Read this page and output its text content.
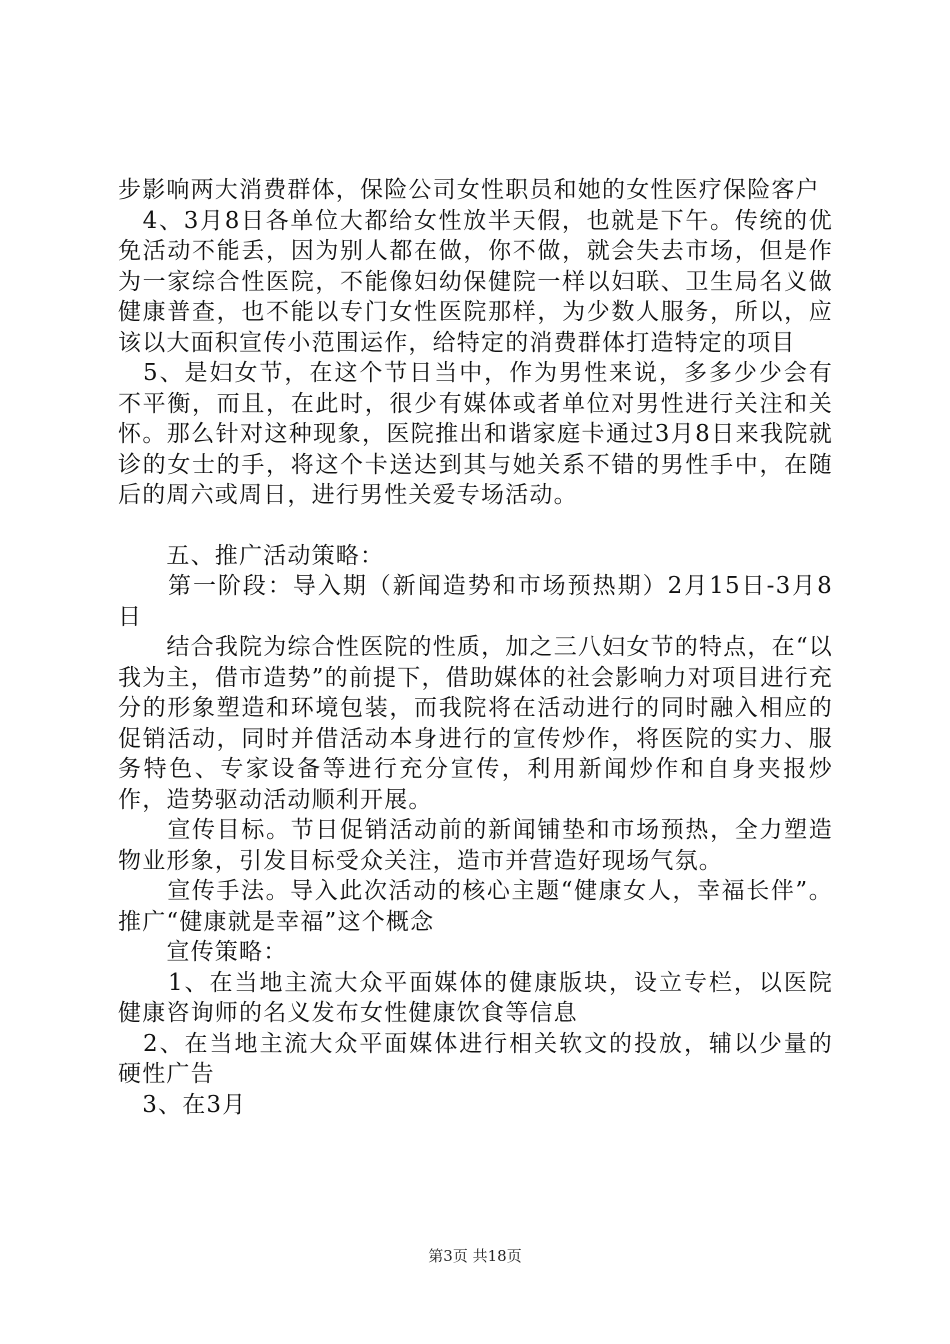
步影响两大消费群体，保险公司女性职员和她的女性医疗保险客户

　4、3月8日各单位大都给女性放半天假，也就是下午。传统的优免活动不能丢，因为别人都在做，你不做，就会失去市场，但是作为一家综合性医院，不能像妇幼保健院一样以妇联、卫生局名义做健康普查，也不能以专门女性医院那样，为少数人服务，所以，应该以大面积宣传小范围运作，给特定的消费群体打造特定的项目

　5、是妇女节，在这个节日当中，作为男性来说，多多少少会有不平衡，而且，在此时，很少有媒体或者单位对男性进行关注和关怀。那么针对这种现象，医院推出和谐家庭卡通过3月8日来我院就诊的女士的手，将这个卡送达到其与她关系不错的男性手中，在随后的周六或周日，进行男性关爱专场活动。

　　五、推广活动策略：

　　第一阶段：导入期（新闻造势和市场预热期）2月15日-3月8日

　　结合我院为综合性医院的性质，加之三八妇女节的特点，在“以我为主，借市造势”的前提下，借助媒体的社会影响力对项目进行充分的形象塑造和环境包装，而我院将在活动进行的同时融入相应的促销活动，同时并借活动本身进行的宣传炒作，将医院的实力、服务特色、专家设备等进行充分宣传，利用新闻炒作和自身夹报炒作，造势驱动活动顺利开展。

　　宣传目标。节日促销活动前的新闻铺垫和市场预热，全力塑造物业形象，引发目标受众关注，造市并营造好现场气氛。

　　宣传手法。导入此次活动的核心主题“健康女人，幸福长伴”。推广“健康就是幸福”这个概念

　　宣传策略：

　　1、在当地主流大众平面媒体的健康版块，设立专栏，以医院健康咨询师的名义发布女性健康饮食等信息

　2、在当地主流大众平面媒体进行相关软文的投放，辅以少量的硬性广告

　3、在3月

第3页 共18页
